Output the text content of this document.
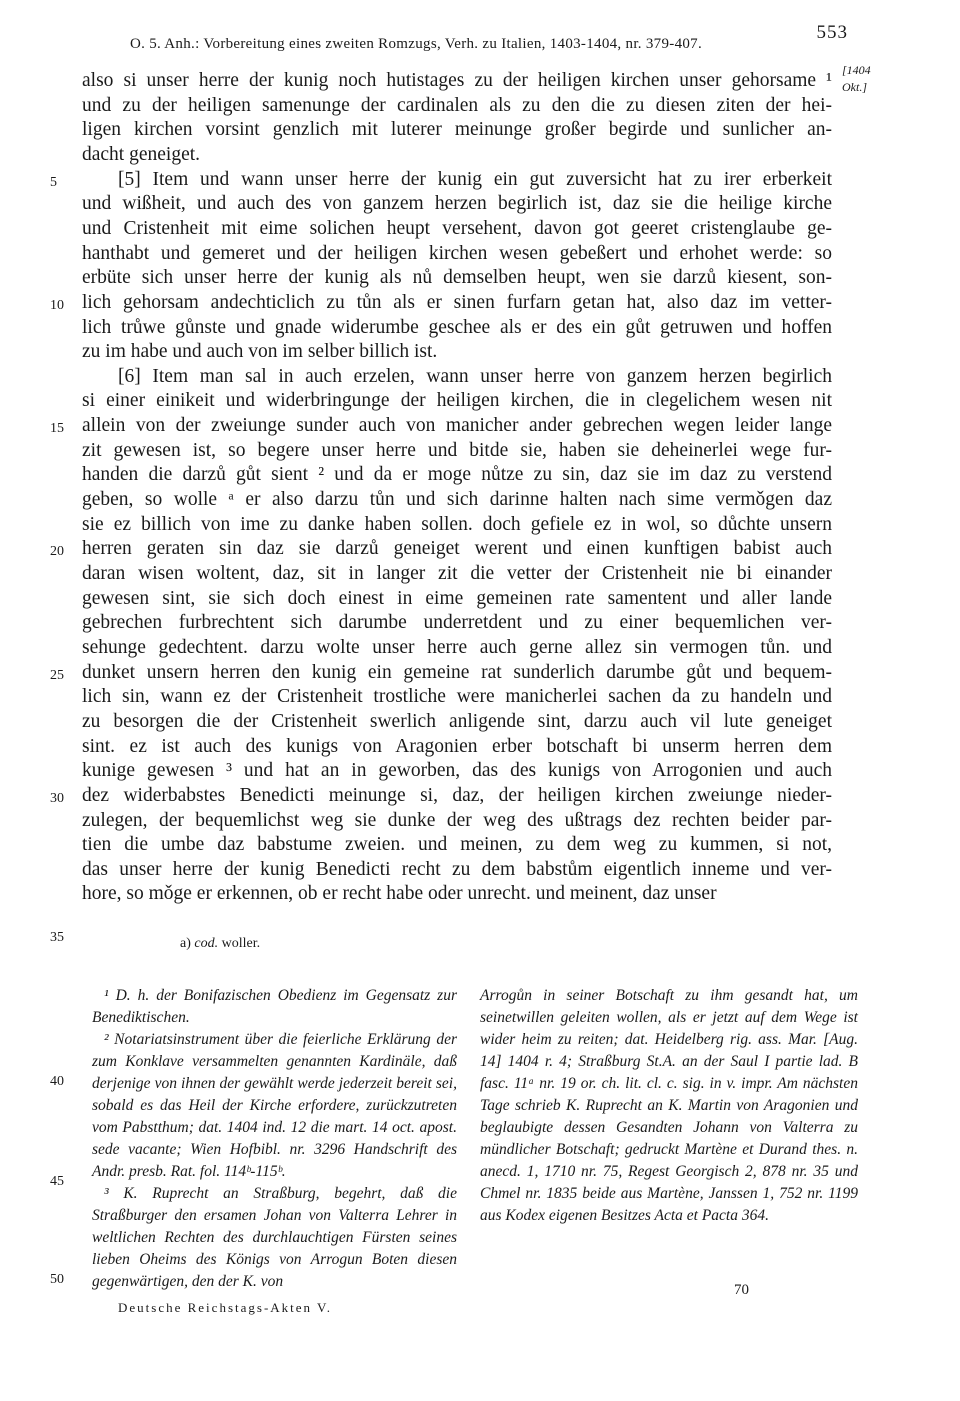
O. 5. Anh.: Vorbereitung eines zweiten Romzugs, Verh. zu Italien, 1403-1404, nr. 379-407.
553
[1404 Okt.]
also si unser herre der kunig noch hutistages zu der heiligen kirchen unser gehorsame ¹
und zu der heiligen samenunge der cardinalen als zu den die zu diesen ziten der hei-
ligen kirchen vorsint genzlich mit luterer meinunge großer begirde und sunlicher an-
dacht geneiget.
[5] Item und wann unser herre der kunig ein gut zuversicht hat zu irer erberkeit
5
und wißheit, und auch des von ganzem herzen begirlich ist, daz sie die heilige kirche
und Cristenheit mit eime solichen heupt versehent, davon got geeret cristenglaube ge-
hanthabt und gemeret und der heiligen kirchen wesen gebeßert und erhohet werde: so
erbüte sich unser herre der kunig als nů demselben heupt, wen sie darzů kiesent, son-
lich gehorsam andechticlich zu tůn als er sinen furfarn getan hat, also daz im vetter-
10
lich trůwe gůnste und gnade widerumbe geschee als er des ein gůt getruwen und hoffen
zu im habe und auch von im selber billich ist.
[6] Item man sal in auch erzelen, wann unser herre von ganzem herzen begirlich
si einer einikeit und widerbringunge der heiligen kirchen, die in clegelichem wesen nit
allein von der zweiunge sunder auch von manicher ander gebrechen wegen leider lange
15
zit gewesen ist, so begere unser herre und bitde sie, haben sie deheinerlei wege fur-
handen die darzů gůt sient ² und da er moge nůtze zu sin, daz sie im daz zu verstend
geben, so wolle ᵃ er also darzu tůn und sich darinne halten nach sime vermǒgen daz
sie ez billich von ime zu danke haben sollen. doch gefiele ez in wol, so důchte unsern
herren geraten sin daz sie darzů geneiget werent und einen kunftigen babist auch
20
daran wisen woltent, daz, sit in langer zit die vetter der Cristenheit nie bi einander
gewesen sint, sie sich doch einest in eime gemeinen rate samentent und aller lande
gebrechen furbrechtent sich darumbe underretdent und zu einer bequemlichen ver-
sehunge gedechtent. darzu wolte unser herre auch gerne allez sin vermogen tůn. und
dunket unsern herren den kunig ein gemeine rat sunderlich darumbe gůt und bequem-
25
lich sin, wann ez der Cristenheit trostliche were manicherlei sachen da zu handeln und
zu besorgen die der Cristenheit swerlich anligende sint, darzu auch vil lute geneiget
sint. ez ist auch des kunigs von Aragonien erber botschaft bi unserm herren dem
kunige gewesen ³ und hat an in geworben, das des kunigs von Arrogonien und auch
dez widerbabstes Benedicti meinunge si, daz, der heiligen kirchen zweiunge nieder-
30
zulegen, der bequemlichst weg sie dunke der weg des ußtrags dez rechten beider par-
tien die umbe daz babstume zweien. und meinen, zu dem weg zu kummen, si not,
das unser herre der kunig Benedicti recht zu dem babstům eigentlich inneme und ver-
hore, so mǒge er erkennen, ob er recht habe oder unrecht. und meinent, daz unser
35	a) cod. woller.

¹ D. h. der Bonifazischen Obedienz im Gegensatz zur Benediktischen.

² Notariatsinstrument über die feierliche Erklärung der zum Konklave versammelten genannten Kardinäle, daß derjenige von ihnen der gewählt werde jederzeit bereit sei, sobald es das Heil der Kirche erfordere, zurückzutreten vom Pabstthum; dat. 1404 ind. 12 die mart. 14 oct. apost. sede vacante; Wien Hofbibl. nr. 3296 Handschrift des Andr. presb. Rat. fol. 114ᵇ-115ᵇ.

³ K. Ruprecht an Straßburg, begehrt, daß die Straßburger den ersamen Johan von Valterra Lehrer in weltlichen Rechten des durchlauchtigen Fürsten seines lieben Oheims des Königs von Arrogun Boten diesen gegenwärtigen, den der K. von

Arrogůn in seiner Botschaft zu ihm gesandt hat, um seinetwillen geleiten wollen, als er jetzt auf dem Wege ist wider heim zu reiten; dat. Heidelberg rig. ass. Mar. [Aug. 14] 1404 r. 4; Straßburg St.A. an der Saul I partie lad. B fasc. 11ᵃ nr. 19 or. ch. lit. cl. c. sig. in v. impr. Am nächsten Tage schrieb K. Ruprecht an K. Martin von Aragonien und beglaubigte dessen Gesandten Johann von Valterra zu mündlicher Botschaft; gedruckt Martène et Durand thes. n. anecd. 1, 1710 nr. 75, Regest Georgisch 2, 878 nr. 35 und Chmel nr. 1835 beide aus Martène, Janssen 1, 752 nr. 1199 aus Kodex eigenen Besitzes Acta et Pacta 364.

40
45
50
Deutsche Reichstags-Akten V.
70
